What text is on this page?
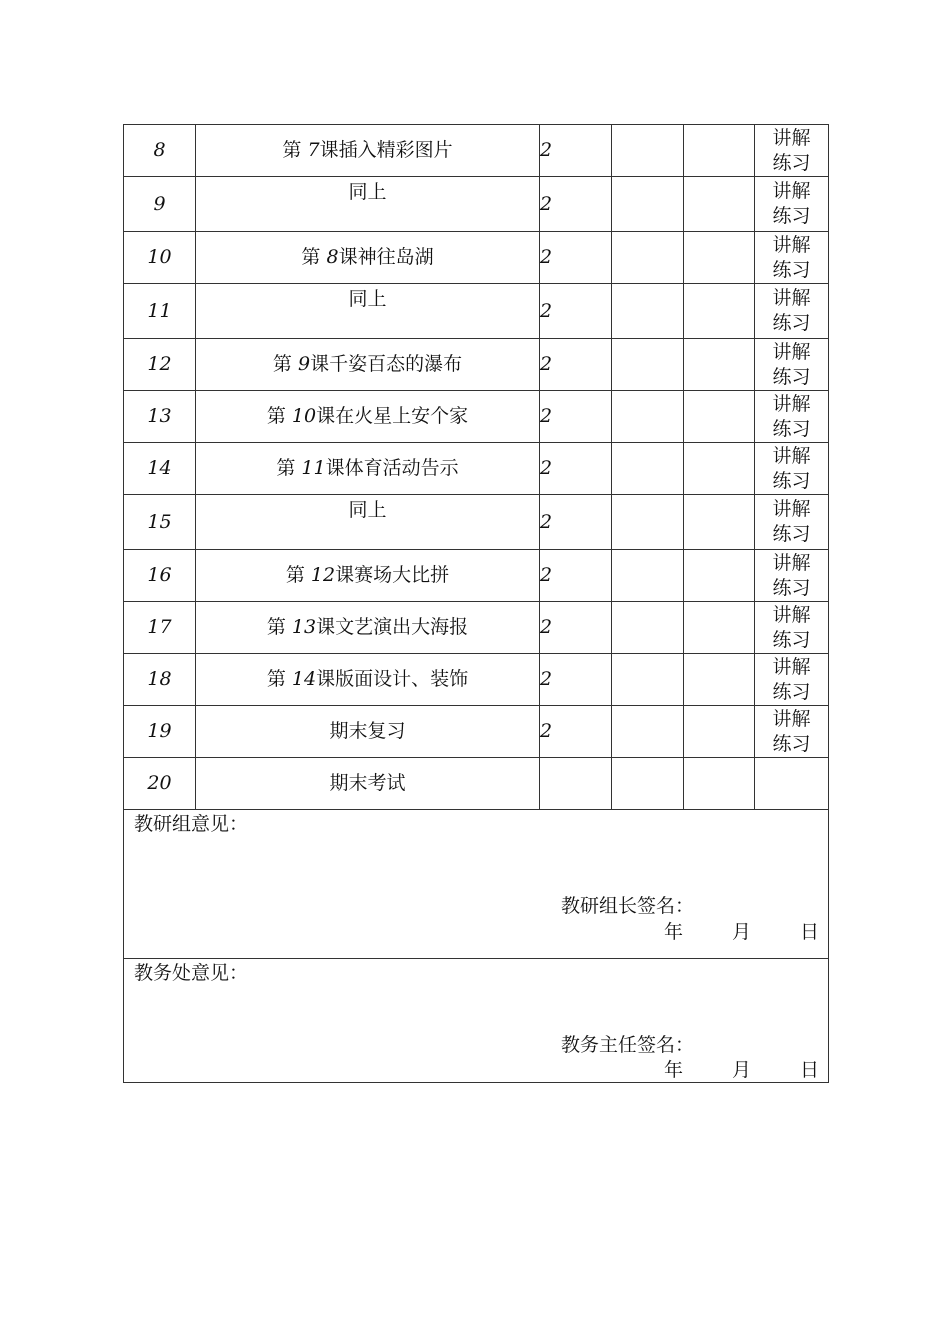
8	第 7课插入精彩图片	2			讲解
练习

9	同上	2			讲解
练习

10	第 8课神往岛湖	2			讲解
练习

11	同上	2			讲解
练习

12	第 9课千姿百态的瀑布	2			讲解
练习

13	第 10课在火星上安个家	2			讲解
练习

14	第 11课体育活动告示	2			讲解
练习

15	同上	2			讲解
练习

16	第 12课赛场大比拼	2			讲解
练习

17	第 13课文艺演出大海报	2			讲解
练习

18	第 14课版面设计、装饰	2			讲解
练习

19	期末复习	2			讲解
练习

20	期末考试				

教研组意见：
教研组长签名：
年 月 日					

教务处意见：
教务主任签名：
年 月 日					
